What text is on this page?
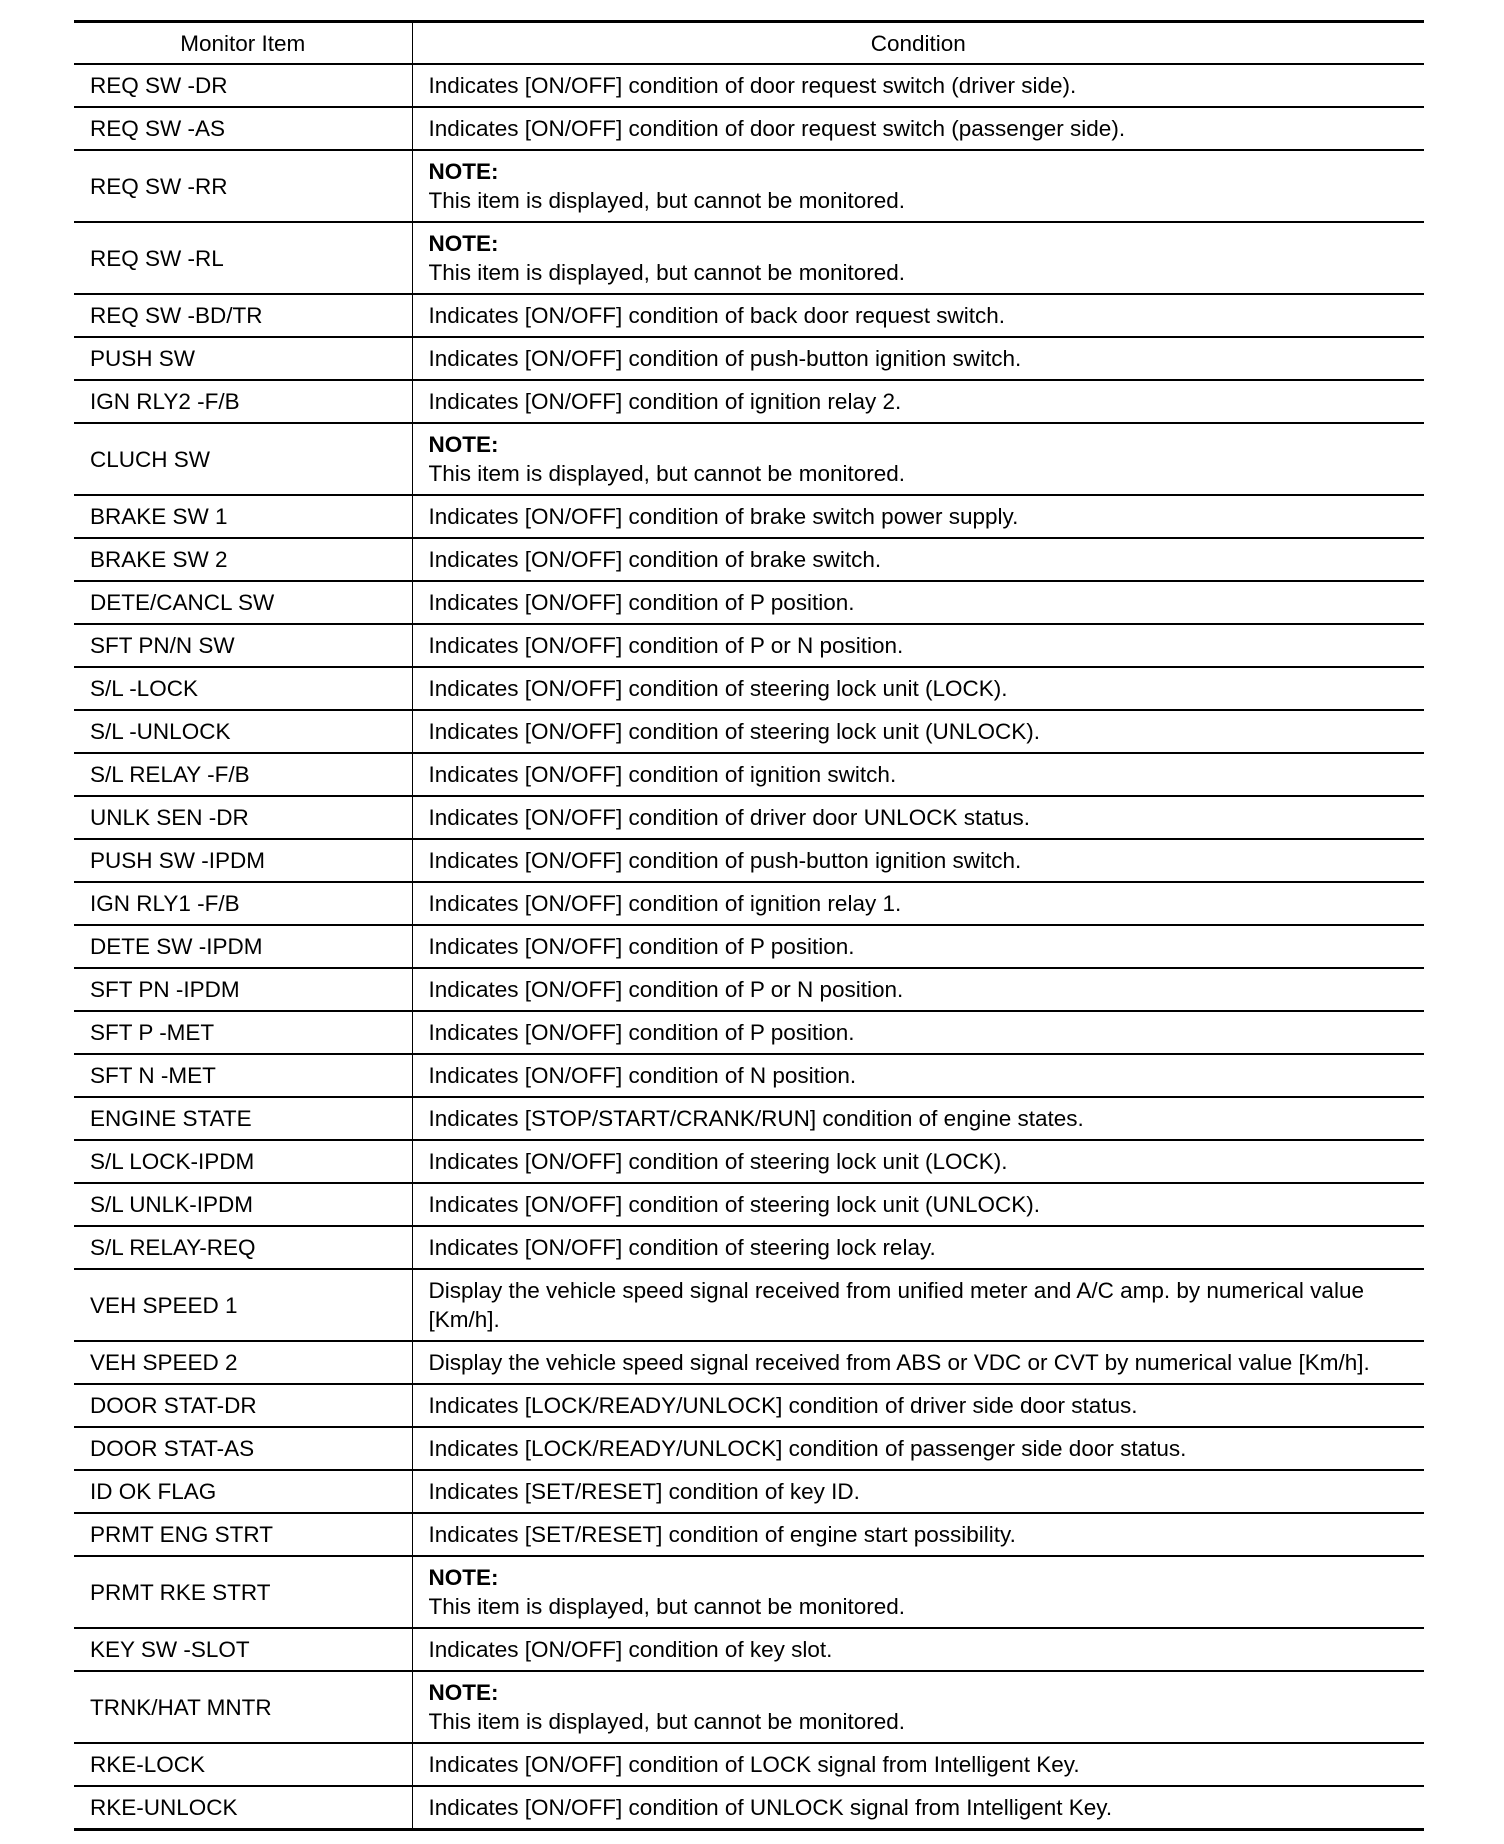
Monitor Item	Condition
REQ SW -DR	Indicates [ON/OFF] condition of door request switch (driver side).
REQ SW -AS	Indicates [ON/OFF] condition of door request switch (passenger side).
REQ SW -RR	NOTE:
This item is displayed, but cannot be monitored.

REQ SW -RL	NOTE:
This item is displayed, but cannot be monitored.

REQ SW -BD/TR	Indicates [ON/OFF] condition of back door request switch.
PUSH SW	Indicates [ON/OFF] condition of push-button ignition switch.
IGN RLY2 -F/B	Indicates [ON/OFF] condition of ignition relay 2.
CLUCH SW	NOTE:
This item is displayed, but cannot be monitored.

BRAKE SW 1	Indicates [ON/OFF] condition of brake switch power supply.
BRAKE SW 2	Indicates [ON/OFF] condition of brake switch.
DETE/CANCL SW	Indicates [ON/OFF] condition of P position.
SFT PN/N SW	Indicates [ON/OFF] condition of P or N position.
S/L -LOCK	Indicates [ON/OFF] condition of steering lock unit (LOCK).
S/L -UNLOCK	Indicates [ON/OFF] condition of steering lock unit (UNLOCK).
S/L RELAY -F/B	Indicates [ON/OFF] condition of ignition switch.
UNLK SEN -DR	Indicates [ON/OFF] condition of driver door UNLOCK status.
PUSH SW -IPDM	Indicates [ON/OFF] condition of push-button ignition switch.
IGN RLY1 -F/B	Indicates [ON/OFF] condition of ignition relay 1.
DETE SW -IPDM	Indicates [ON/OFF] condition of P position.
SFT PN -IPDM	Indicates [ON/OFF] condition of P or N position.
SFT P -MET	Indicates [ON/OFF] condition of P position.
SFT N -MET	Indicates [ON/OFF] condition of N position.
ENGINE STATE	Indicates [STOP/START/CRANK/RUN] condition of engine states.
S/L LOCK-IPDM	Indicates [ON/OFF] condition of steering lock unit (LOCK).
S/L UNLK-IPDM	Indicates [ON/OFF] condition of steering lock unit (UNLOCK).
S/L RELAY-REQ	Indicates [ON/OFF] condition of steering lock relay.
VEH SPEED 1	Display the vehicle speed signal received from unified meter and A/C amp. by numerical value [Km/h].
VEH SPEED 2	Display the vehicle speed signal received from ABS or VDC or CVT by numerical value [Km/h].
DOOR STAT-DR	Indicates [LOCK/READY/UNLOCK] condition of driver side door status.
DOOR STAT-AS	Indicates [LOCK/READY/UNLOCK] condition of passenger side door status.
ID OK FLAG	Indicates [SET/RESET] condition of key ID.
PRMT ENG STRT	Indicates [SET/RESET] condition of engine start possibility.
PRMT RKE STRT	NOTE:
This item is displayed, but cannot be monitored.

KEY SW -SLOT	Indicates [ON/OFF] condition of key slot.
TRNK/HAT MNTR	NOTE:
This item is displayed, but cannot be monitored.

RKE-LOCK	Indicates [ON/OFF] condition of LOCK signal from Intelligent Key.
RKE-UNLOCK	Indicates [ON/OFF] condition of UNLOCK signal from Intelligent Key.
